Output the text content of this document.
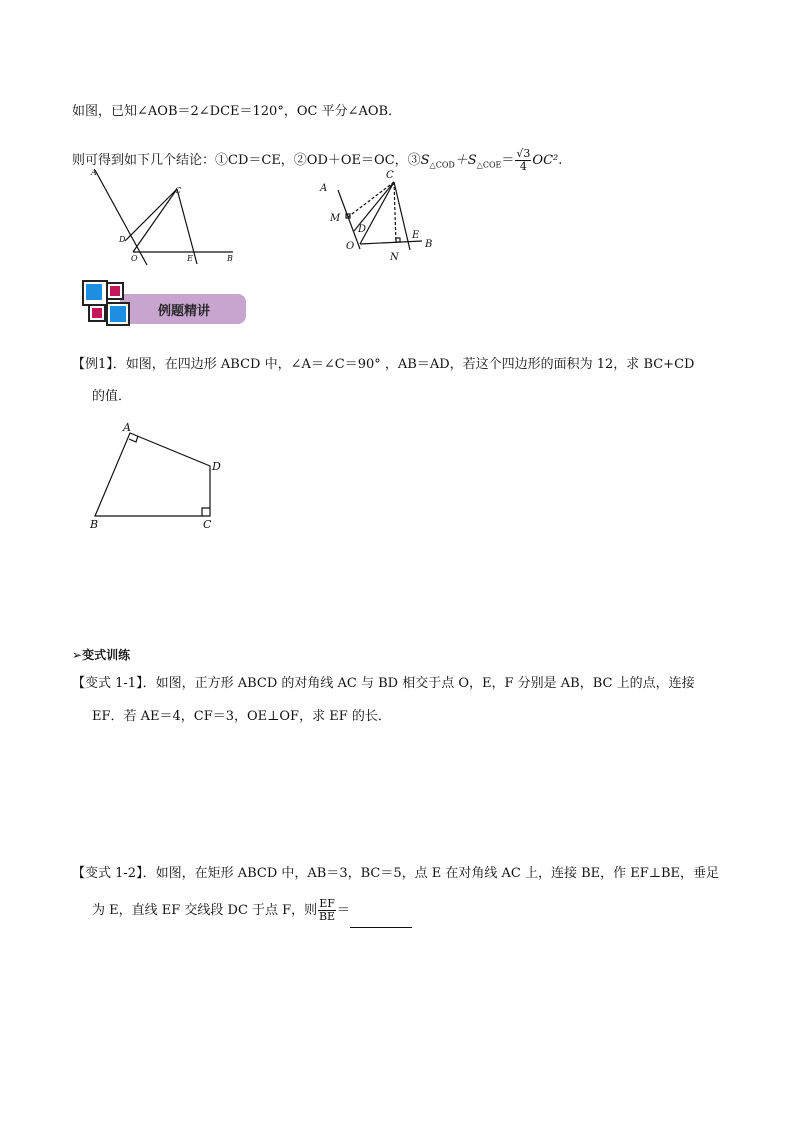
如图，已知∠AOB＝2∠DCE＝120°，OC 平分∠AOB．
则可得到如下几个结论：①CD＝CE，②OD＋OE＝OC，$③S_{\triangle COD}+S_{\triangle COE}= \frac{√3}{4} OC^2$.
A
C
D
O	E	B
A
C
M
D
O
E
N
B
例题精讲
【例1】．如图，在四边形 ABCD 中，∠A＝∠C＝90° ，AB＝AD，若这个四边形的面积为 12，求 BC+CD
的值．
A
D
B	C
➢变式训练
【变式 1-1】．如图，正方形 ABCD 的对角线 AC 与 BD 相交于点 O，E，F 分别是 AB，BC 上的点，连接
EF．若 AE＝4，CF＝3，OE⊥OF，求 EF 的长．
【变式 1-2】．如图，在矩形 ABCD 中，AB＝3，BC＝5，点 E 在对角线 AC 上，连接 BE，作 EF⊥BE，垂足
为 E，直线 EF 交线段 DC 于点 F，则 $\frac{EF}{BE}$ ＝
